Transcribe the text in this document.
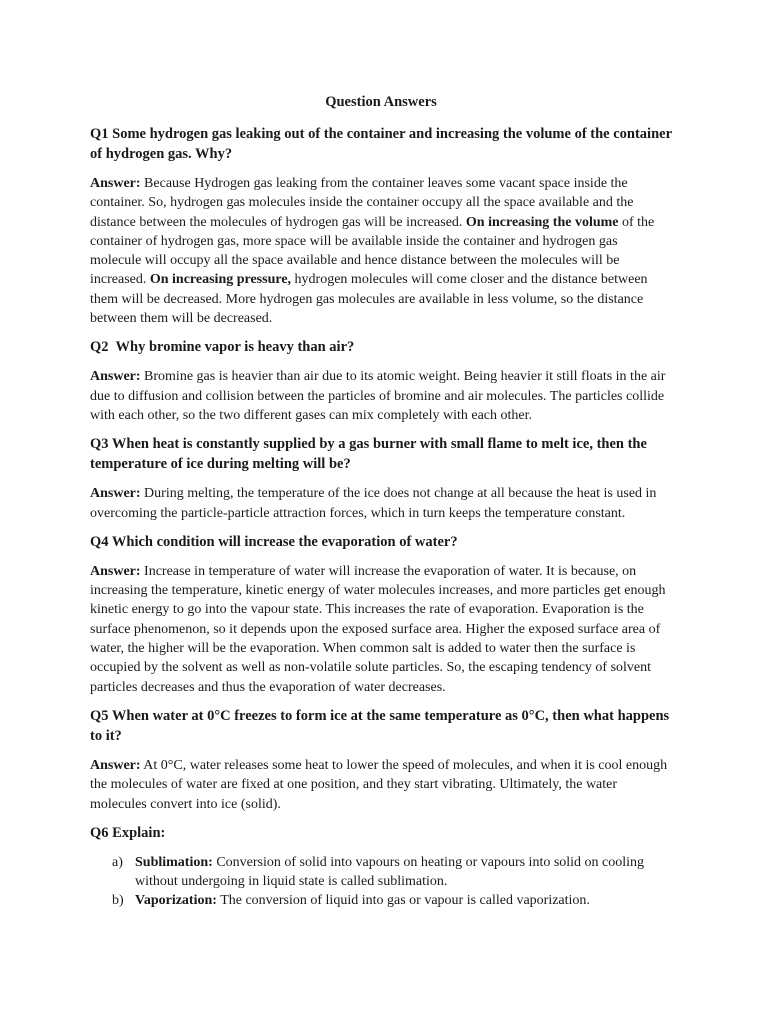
Question Answers
Q1 Some hydrogen gas leaking out of the container and increasing the volume of the container of hydrogen gas. Why?
Answer: Because Hydrogen gas leaking from the container leaves some vacant space inside the container. So, hydrogen gas molecules inside the container occupy all the space available and the distance between the molecules of hydrogen gas will be increased. On increasing the volume of the container of hydrogen gas, more space will be available inside the container and hydrogen gas molecule will occupy all the space available and hence distance between the molecules will be increased. On increasing pressure, hydrogen molecules will come closer and the distance between them will be decreased. More hydrogen gas molecules are available in less volume, so the distance between them will be decreased.
Q2  Why bromine vapor is heavy than air?
Answer: Bromine gas is heavier than air due to its atomic weight. Being heavier it still floats in the air due to diffusion and collision between the particles of bromine and air molecules. The particles collide with each other, so the two different gases can mix completely with each other.
Q3 When heat is constantly supplied by a gas burner with small flame to melt ice, then the temperature of ice during melting will be?
Answer: During melting, the temperature of the ice does not change at all because the heat is used in overcoming the particle-particle attraction forces, which in turn keeps the temperature constant.
Q4 Which condition will increase the evaporation of water?
Answer: Increase in temperature of water will increase the evaporation of water. It is because, on increasing the temperature, kinetic energy of water molecules increases, and more particles get enough kinetic energy to go into the vapour state. This increases the rate of evaporation. Evaporation is the surface phenomenon, so it depends upon the exposed surface area. Higher the exposed surface area of water, the higher will be the evaporation. When common salt is added to water then the surface is occupied by the solvent as well as non-volatile solute particles. So, the escaping tendency of solvent particles decreases and thus the evaporation of water decreases.
Q5 When water at 0°C freezes to form ice at the same temperature as 0°C, then what happens to it?
Answer: At 0°C, water releases some heat to lower the speed of molecules, and when it is cool enough the molecules of water are fixed at one position, and they start vibrating. Ultimately, the water molecules convert into ice (solid).
Q6 Explain:
a) Sublimation: Conversion of solid into vapours on heating or vapours into solid on cooling without undergoing in liquid state is called sublimation.
b) Vaporization: The conversion of liquid into gas or vapour is called vaporization.
